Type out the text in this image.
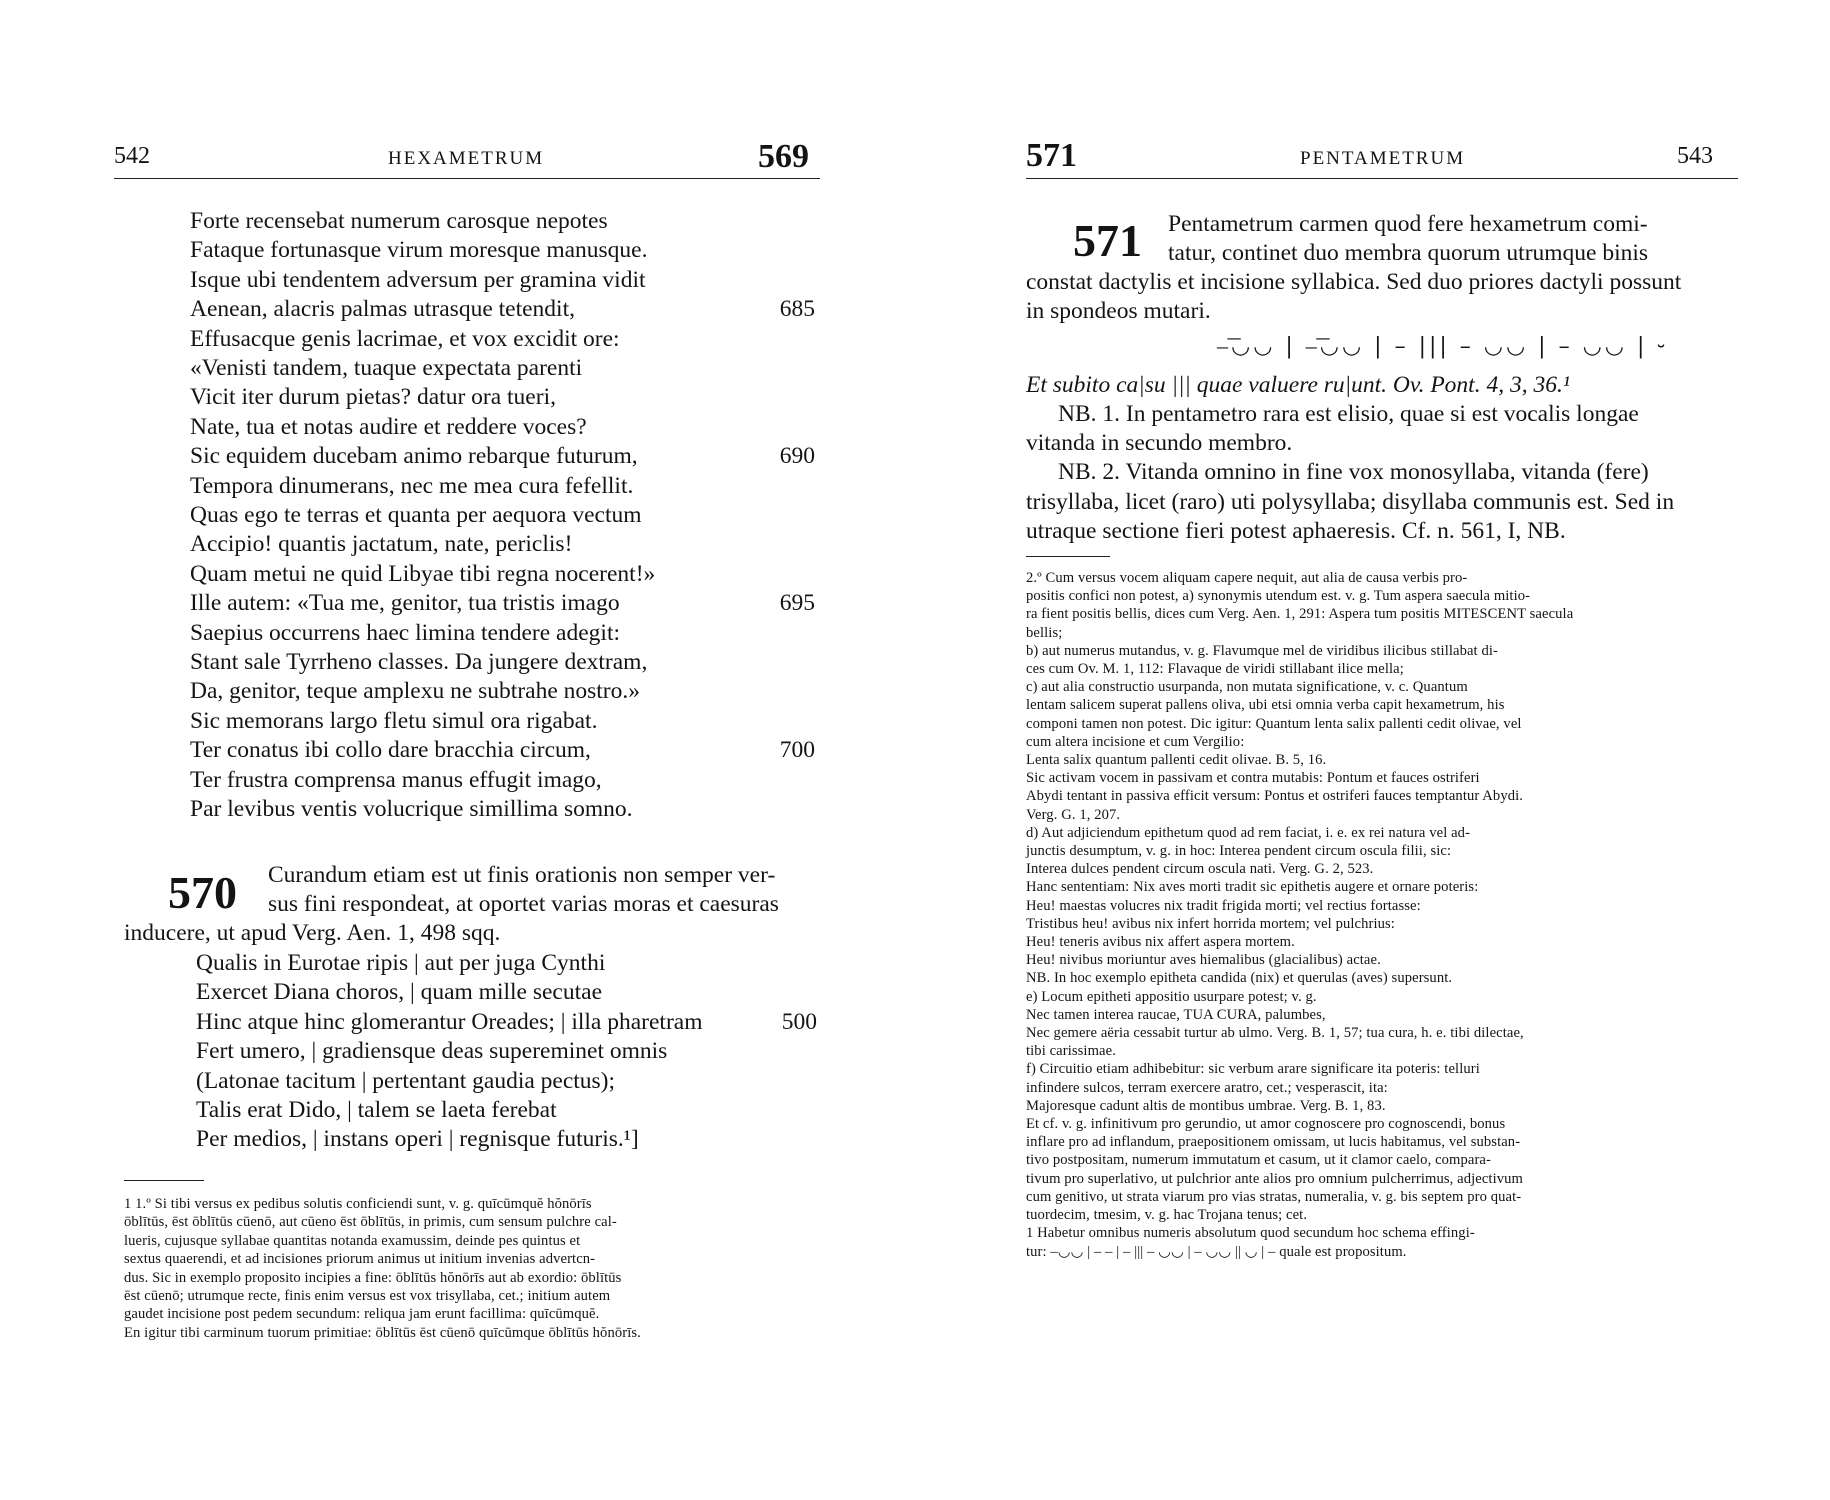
542	HEXAMETRUM	569
Forte recensebat numerum carosque nepotes
Fataque fortunasque virum moresque manusque.
Isque ubi tendentem adversum per gramina vidit
Aenean, alacris palmas utrasque tetendit,	685
Effusacque genis lacrimae, et vox excidit ore:
«Venisti tandem, tuaque expectata parenti
Vicit iter durum pietas? datur ora tueri,
Nate, tua et notas audire et reddere voces?
Sic equidem ducebam animo rebarque futurum,	690
Tempora dinumerans, nec me mea cura fefellit.
Quas ego te terras et quanta per aequora vectum
Accipio! quantis jactatum, nate, periclis!
Quam metui ne quid Libyae tibi regna nocerent!»
Ille autem: «Tua me, genitor, tua tristis imago	695
Saepius occurrens haec limina tendere adegit:
Stant sale Tyrrheno classes. Da jungere dextram,
Da, genitor, teque amplexu ne subtrahe nostro.»
Sic memorans largo fletu simul ora rigabat.
Ter conatus ibi collo dare bracchia circum,	700
Ter frustra comprensa manus effugit imago,
Par levibus ventis volucrique simillima somno.
570 Curandum etiam est ut finis orationis non semper ver-
sus fini respondeat, at oportet varias moras et caesuras
inducere, ut apud Verg. Aen. 1, 498 sqq.
Qualis in Eurotae ripis | aut per juga Cynthi
Exercet Diana choros, | quam mille secutae
Hinc atque hinc glomerantur Oreades; | illa pharetram	500
Fert umero, | gradiensque deas supereminet omnis
(Latonae tacitum | pertentant gaudia pectus);
Talis erat Dido, | talem se laeta ferebat
Per medios, | instans operi | regnisque futuris.¹]
1 1.º Si tibi versus ex pedibus solutis conficiendi sunt, v. g. quīcūmquĕ hŏnōrīs
ōblītūs, ēst ōblītūs cūenō, aut cūeno ēst ōblītūs, in primis, cum sensum pulchre cal-
lueris, cujusque syllabae quantitas notanda examussim, deinde pes quintus et
sextus quaerendi, et ad incisiones priorum animus ut initium invenias advertcn-
dus. Sic in exemplo proposito incipies a fine: ōblītūs hŏnōrīs aut ab exordio: ōblītūs
ēst cūenō; utrumque recte, finis enim versus est vox trisyllaba, cet.; initium autem
gaudet incisione post pedem secundum: reliqua jam erunt facillima: quīcūmquĕ.
En igitur tibi carminum tuorum primitiae: ōblītūs ēst cūenō quīcūmque ōblītūs hŏnōrīs.
571	PENTAMETRUM	543
571 Pentametrum carmen quod fere hexametrum comi-
tatur, continet duo membra quorum utrumque binis
constat dactylis et incisione syllabica. Sed duo priores dactyli possunt
in spondeos mutari.
–͞◡◡ | –͞◡◡ | – ||| – ◡◡ | – ◡◡ | ⏑
Et subito ca|su ||| quae valuere ru|unt. Ov. Pont. 4, 3, 36.¹
NB. 1. In pentametro rara est elisio, quae si est vocalis longae
vitanda in secundo membro.
NB. 2. Vitanda omnino in fine vox monosyllaba, vitanda (fere)
trisyllaba, licet (raro) uti polysyllaba; disyllaba communis est. Sed in
utraque sectione fieri potest aphaeresis. Cf. n. 561, I, NB.
2.º Cum versus vocem aliquam capere nequit, aut alia de causa verbis pro-
positis confici non potest, a) synonymis utendum est. v. g. Tum aspera saecula mitio-
ra fient positis bellis, dices cum Verg. Aen. 1, 291: Aspera tum positis MITESCENT saecula
bellis;
b) aut numerus mutandus, v. g. Flavumque mel de viridibus ilicibus stillabat di-
ces cum Ov. M. 1, 112: Flavaque de viridi stillabant ilice mella;
c) aut alia constructio usurpanda, non mutata significatione, v. c. Quantum
lentam salicem superat pallens oliva, ubi etsi omnia verba capit hexametrum, his
componi tamen non potest. Dic igitur: Quantum lenta salix pallenti cedit olivae, vel
cum altera incisione et cum Vergilio:
Lenta salix quantum pallenti cedit olivae. B. 5, 16.
Sic activam vocem in passivam et contra mutabis: Pontum et fauces ostriferi
Abydi tentant in passiva efficit versum: Pontus et ostriferi fauces temptantur Abydi.
Verg. G. 1, 207.
d) Aut adjiciendum epithetum quod ad rem faciat, i. e. ex rei natura vel ad-
junctis desumptum, v. g. in hoc: Interea pendent circum oscula filii, sic:
Interea dulces pendent circum oscula nati. Verg. G. 2, 523.
Hanc sententiam: Nix aves morti tradit sic epithetis augere et ornare poteris:
Heu! maestas volucres nix tradit frigida morti; vel rectius fortasse:
Tristibus heu! avibus nix infert horrida mortem; vel pulchrius:
Heu! teneris avibus nix affert aspera mortem.
Heu! nivibus moriuntur aves hiemalibus (glacialibus) actae.
NB. In hoc exemplo epitheta candida (nix) et querulas (aves) supersunt.
e) Locum epitheti appositio usurpare potest; v. g.
Nec tamen interea raucae, TUA CURA, palumbes,
Nec gemere aëria cessabit turtur ab ulmo. Verg. B. 1, 57; tua cura, h. e. tibi dilectae,
tibi carissimae.
f) Circuitio etiam adhibebitur: sic verbum arare significare ita poteris: telluri
infindere sulcos, terram exercere aratro, cet.; vesperascit, ita:
Majoresque cadunt altis de montibus umbrae. Verg. B. 1, 83.
Et cf. v. g. infinitivum pro gerundio, ut amor cognoscere pro cognoscendi, bonus
inflare pro ad inflandum, praepositionem omissam, ut lucis habitamus, vel substan-
tivo postpositam, numerum immutatum et casum, ut it clamor caelo, compara-
tivum pro superlativo, ut pulchrior ante alios pro omnium pulcherrimus, adjectivum
cum genitivo, ut strata viarum pro vias stratas, numeralia, v. g. bis septem pro quat-
tuordecim, tmesim, v. g. hac Trojana tenus; cet.
1 Habetur omnibus numeris absolutum quod secundum hoc schema effingi-
tur: –◡◡ | – – | – ||| – ◡◡ | – ◡◡ || ◡ | – quale est propositum.
